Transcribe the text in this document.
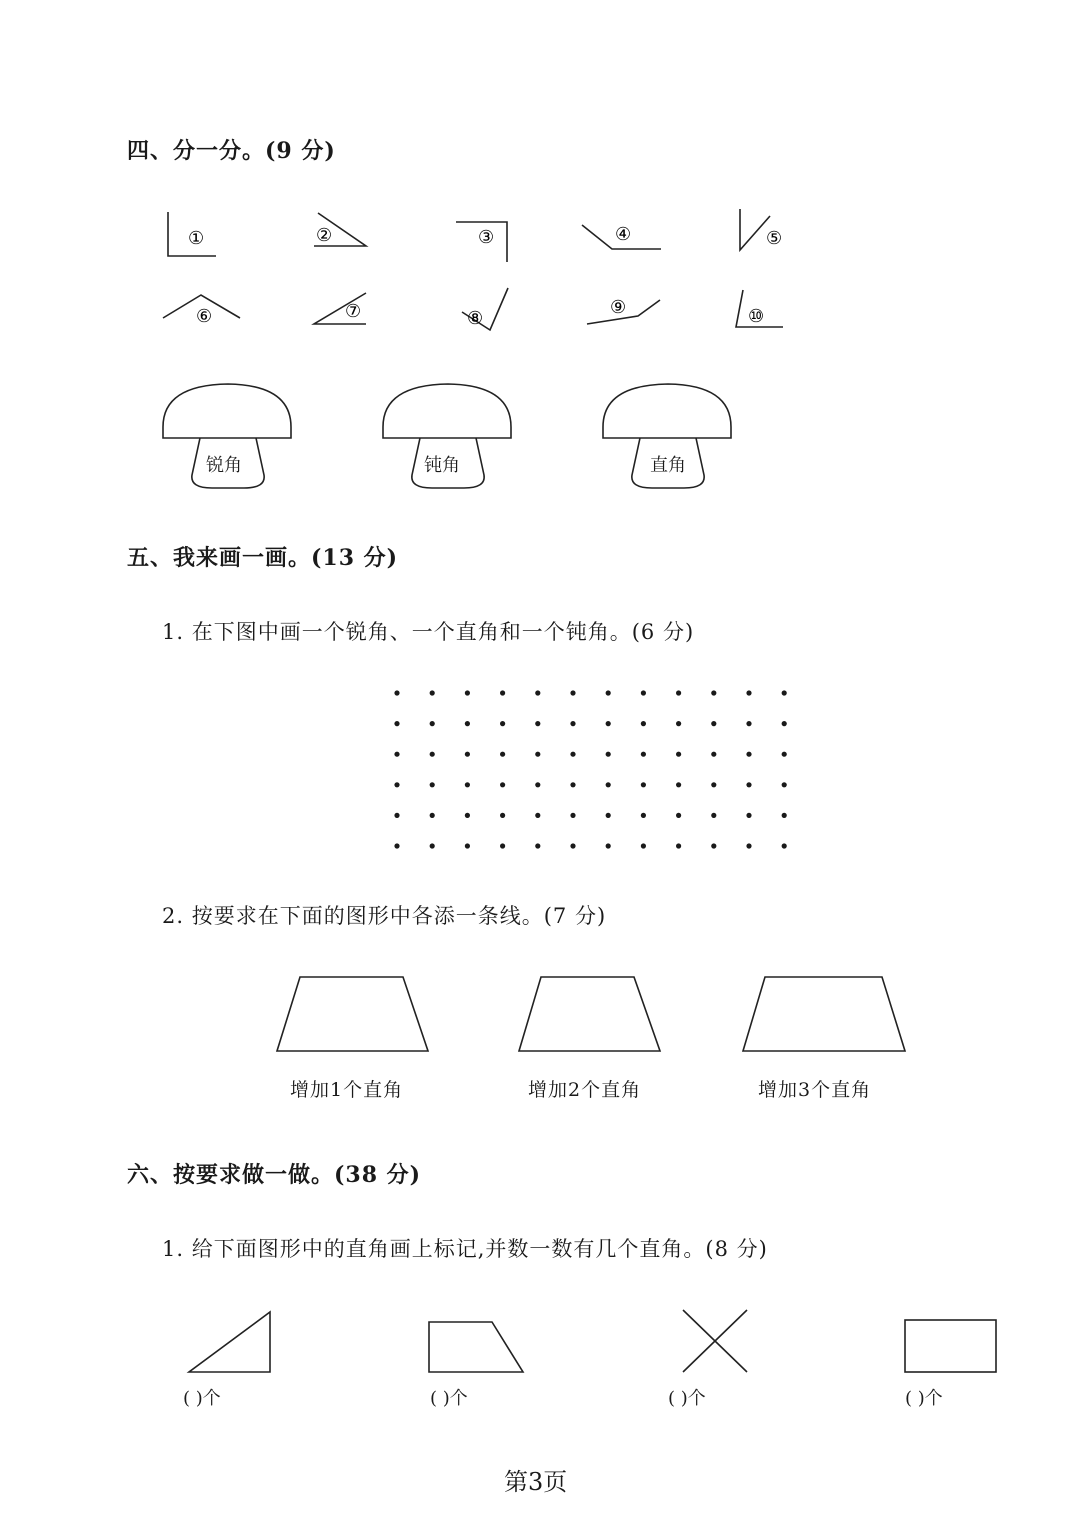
四、分一分。(9 分)
①	②	③	④	⑤
⑥	⑦	⑧
⑨	⑩
锐角	钝角	直角
五、我来画一画。(13 分)
1. 在下图中画一个锐角、一个直角和一个钝角。(6 分)
2. 按要求在下面的图形中各添一条线。(7 分)
增加1个直角	增加2个直角	增加3个直角
六、按要求做一做。(38 分)
1. 给下面图形中的直角画上标记,并数一数有几个直角。(8 分)
( )个	( )个	( )个	( )个
第3页
